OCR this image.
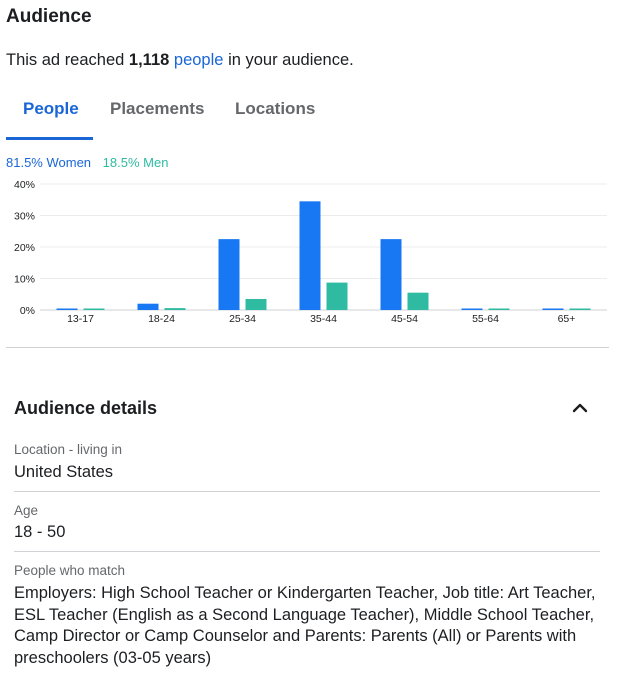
Audience
This ad reached 1,118 people in your audience.
People Placements Locations
81.5% Women 18.5% Men
40%
30%
20%
10%
0%
13-17	18-24	25-34	35-44	45-54	55-64	65+
Audience details
Location - living in
United States
Age
18 - 50
People who match
Employers: High School Teacher or Kindergarten Teacher, Job title: Art Teacher, ESL Teacher (English as a Second Language Teacher), Middle School Teacher, Camp Director or Camp Counselor and Parents: Parents (All) or Parents with preschoolers (03-05 years)
